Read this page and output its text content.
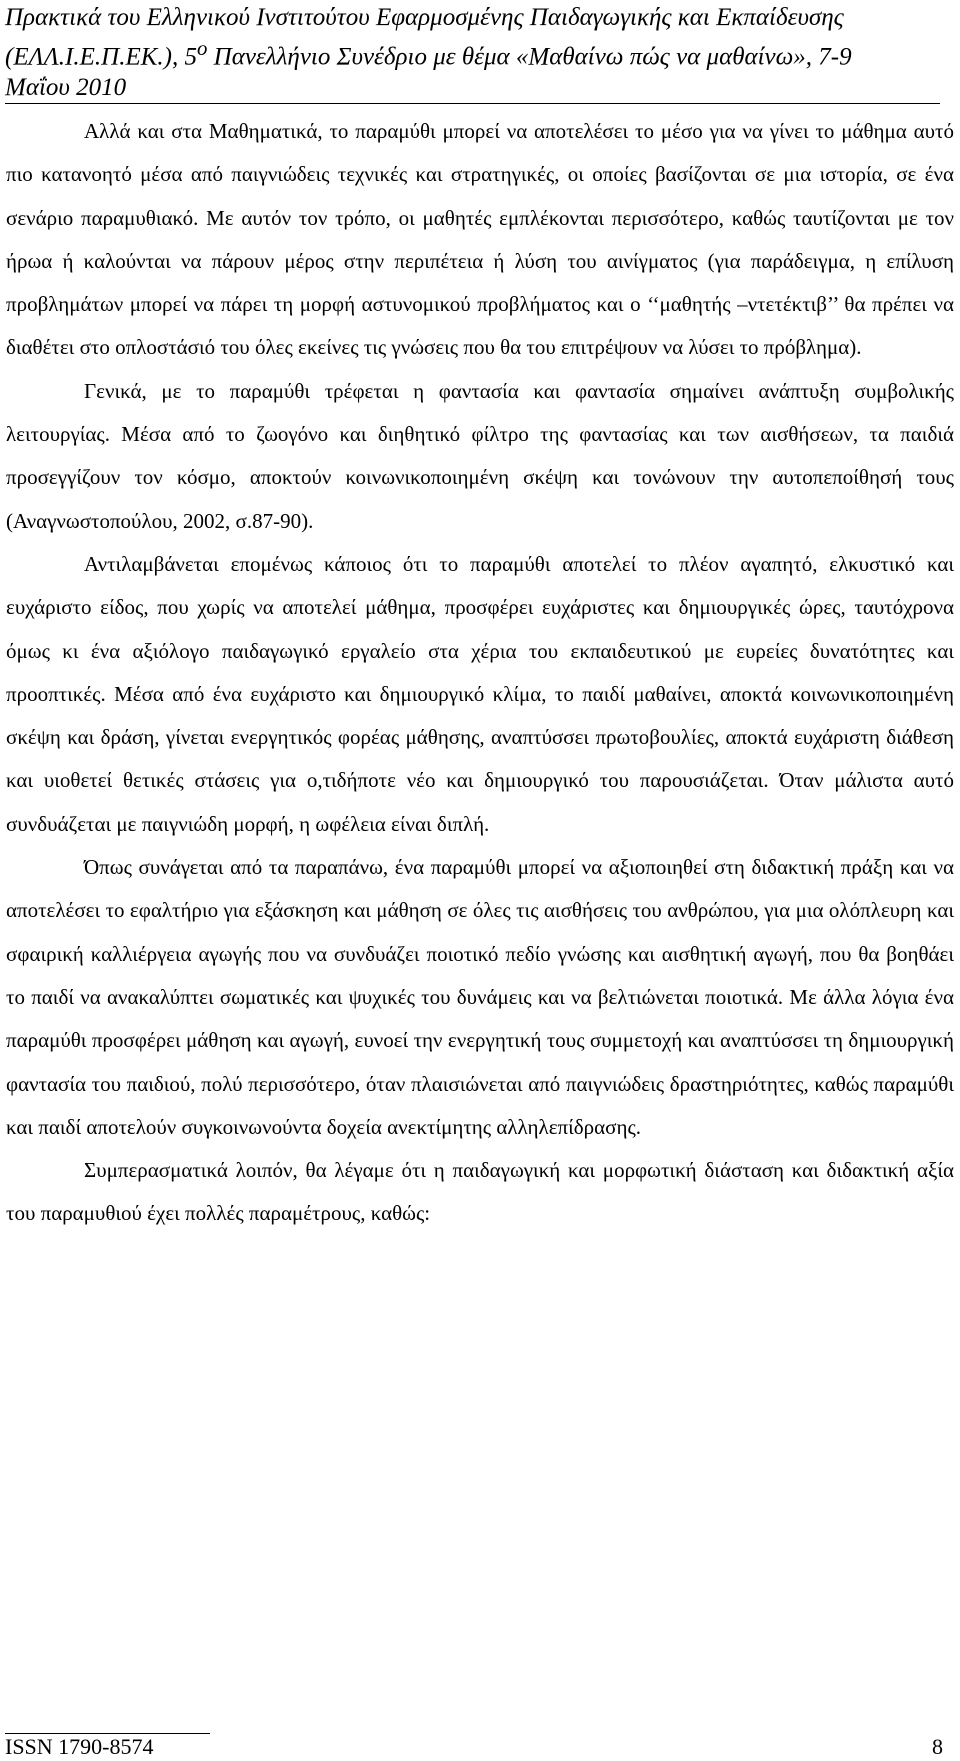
Πρακτικά του Ελληνικού Ινστιτούτου Εφαρμοσμένης Παιδαγωγικής και Εκπαίδευσης
(ΕΛΛ.Ι.Ε.Π.ΕΚ.), $5^o$ Πανελλήνιο Συνέδριο με θέμα «Μαθαίνω πώς να μαθαίνω», 7-9
Μαΐου 2010

Αλλά και στα Μαθηματικά, το παραμύθι μπορεί να αποτελέσει το μέσο για να γίνει το μάθημα αυτό πιο κατανοητό μέσα από παιγνιώδεις τεχνικές και στρατηγικές, οι οποίες βασίζονται σε μια ιστορία, σε ένα σενάριο παραμυθιακό. Με αυτόν τον τρόπο, οι μαθητές εμπλέκονται περισσότερο, καθώς ταυτίζονται με τον ήρωα ή καλούνται να πάρουν μέρος στην περιπέτεια ή λύση του αινίγματος (για παράδειγμα, η επίλυση προβλημάτων μπορεί να πάρει τη μορφή αστυνομικού προβλήματος και ο ‘‘μαθητής –ντετέκτιβ’’ θα πρέπει να διαθέτει στο οπλοστάσιό του όλες εκείνες τις γνώσεις που θα του επιτρέψουν να λύσει το πρόβλημα).

Γενικά, με το παραμύθι τρέφεται η φαντασία και φαντασία σημαίνει ανάπτυξη συμβολικής λειτουργίας. Μέσα από το ζωογόνο και διηθητικό φίλτρο της φαντασίας και των αισθήσεων, τα παιδιά προσεγγίζουν τον κόσμο, αποκτούν κοινωνικοποιημένη σκέψη και τονώνουν την αυτοπεποίθησή τους (Αναγνωστοπούλου, 2002, σ.87-90).

Αντιλαμβάνεται επομένως κάποιος ότι το παραμύθι αποτελεί το πλέον αγαπητό, ελκυστικό και ευχάριστο είδος, που χωρίς να αποτελεί μάθημα, προσφέρει ευχάριστες και δημιουργικές ώρες, ταυτόχρονα όμως κι ένα αξιόλογο παιδαγωγικό εργαλείο στα χέρια του εκπαιδευτικού με ευρείες δυνατότητες και προοπτικές. Μέσα από ένα ευχάριστο και δημιουργικό κλίμα, το παιδί μαθαίνει, αποκτά κοινωνικοποιημένη σκέψη και δράση, γίνεται ενεργητικός φορέας μάθησης, αναπτύσσει πρωτοβουλίες, αποκτά ευχάριστη διάθεση και υιοθετεί θετικές στάσεις για ο,τιδήποτε νέο και δημιουργικό του παρουσιάζεται. Όταν μάλιστα αυτό συνδυάζεται με παιγνιώδη μορφή, η ωφέλεια είναι διπλή.

Όπως συνάγεται από τα παραπάνω, ένα παραμύθι μπορεί να αξιοποιηθεί στη διδακτική πράξη και να αποτελέσει το εφαλτήριο για εξάσκηση και μάθηση σε όλες τις αισθήσεις του ανθρώπου, για μια ολόπλευρη και σφαιρική καλλιέργεια αγωγής που να συνδυάζει ποιοτικό πεδίο γνώσης και αισθητική αγωγή, που θα βοηθάει το παιδί να ανακαλύπτει σωματικές και ψυχικές του δυνάμεις και να βελτιώνεται ποιοτικά. Με άλλα λόγια ένα παραμύθι προσφέρει μάθηση και αγωγή, ευνοεί την ενεργητική τους συμμετοχή και αναπτύσσει τη δημιουργική φαντασία του παιδιού, πολύ περισσότερο, όταν πλαισιώνεται από παιγνιώδεις δραστηριότητες, καθώς παραμύθι και παιδί αποτελούν συγκοινωνούντα δοχεία ανεκτίμητης αλληλεπίδρασης.

Συμπερασματικά λοιπόν, θα λέγαμε ότι η παιδαγωγική και μορφωτική διάσταση και διδακτική αξία του παραμυθιού έχει πολλές παραμέτρους, καθώς:

ISSN 1790-8574	8
